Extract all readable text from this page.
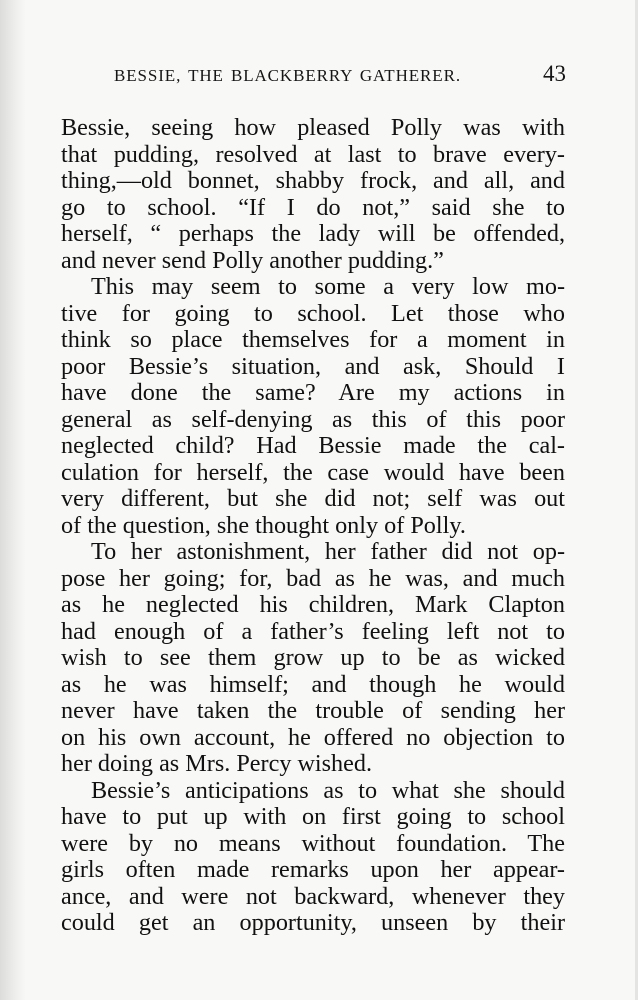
BESSIE, THE BLACKBERRY GATHERER.	43
Bessie, seeing how pleased Polly was with
that pudding, resolved at last to brave every-
thing,—old bonnet, shabby frock, and all, and
go to school. “If I do not,” said she to
herself, “ perhaps the lady will be offended,
and never send Polly another pudding.”
This may seem to some a very low mo-
tive for going to school. Let those who
think so place themselves for a moment in
poor Bessie’s situation, and ask, Should I
have done the same? Are my actions in
general as self-denying as this of this poor
neglected child? Had Bessie made the cal-
culation for herself, the case would have been
very different, but she did not; self was out
of the question, she thought only of Polly.
To her astonishment, her father did not op-
pose her going; for, bad as he was, and much
as he neglected his children, Mark Clapton
had enough of a father’s feeling left not to
wish to see them grow up to be as wicked
as he was himself; and though he would
never have taken the trouble of sending her
on his own account, he offered no objection to
her doing as Mrs. Percy wished.
Bessie’s anticipations as to what she should
have to put up with on first going to school
were by no means without foundation. The
girls often made remarks upon her appear-
ance, and were not backward, whenever they
could get an opportunity, unseen by their
